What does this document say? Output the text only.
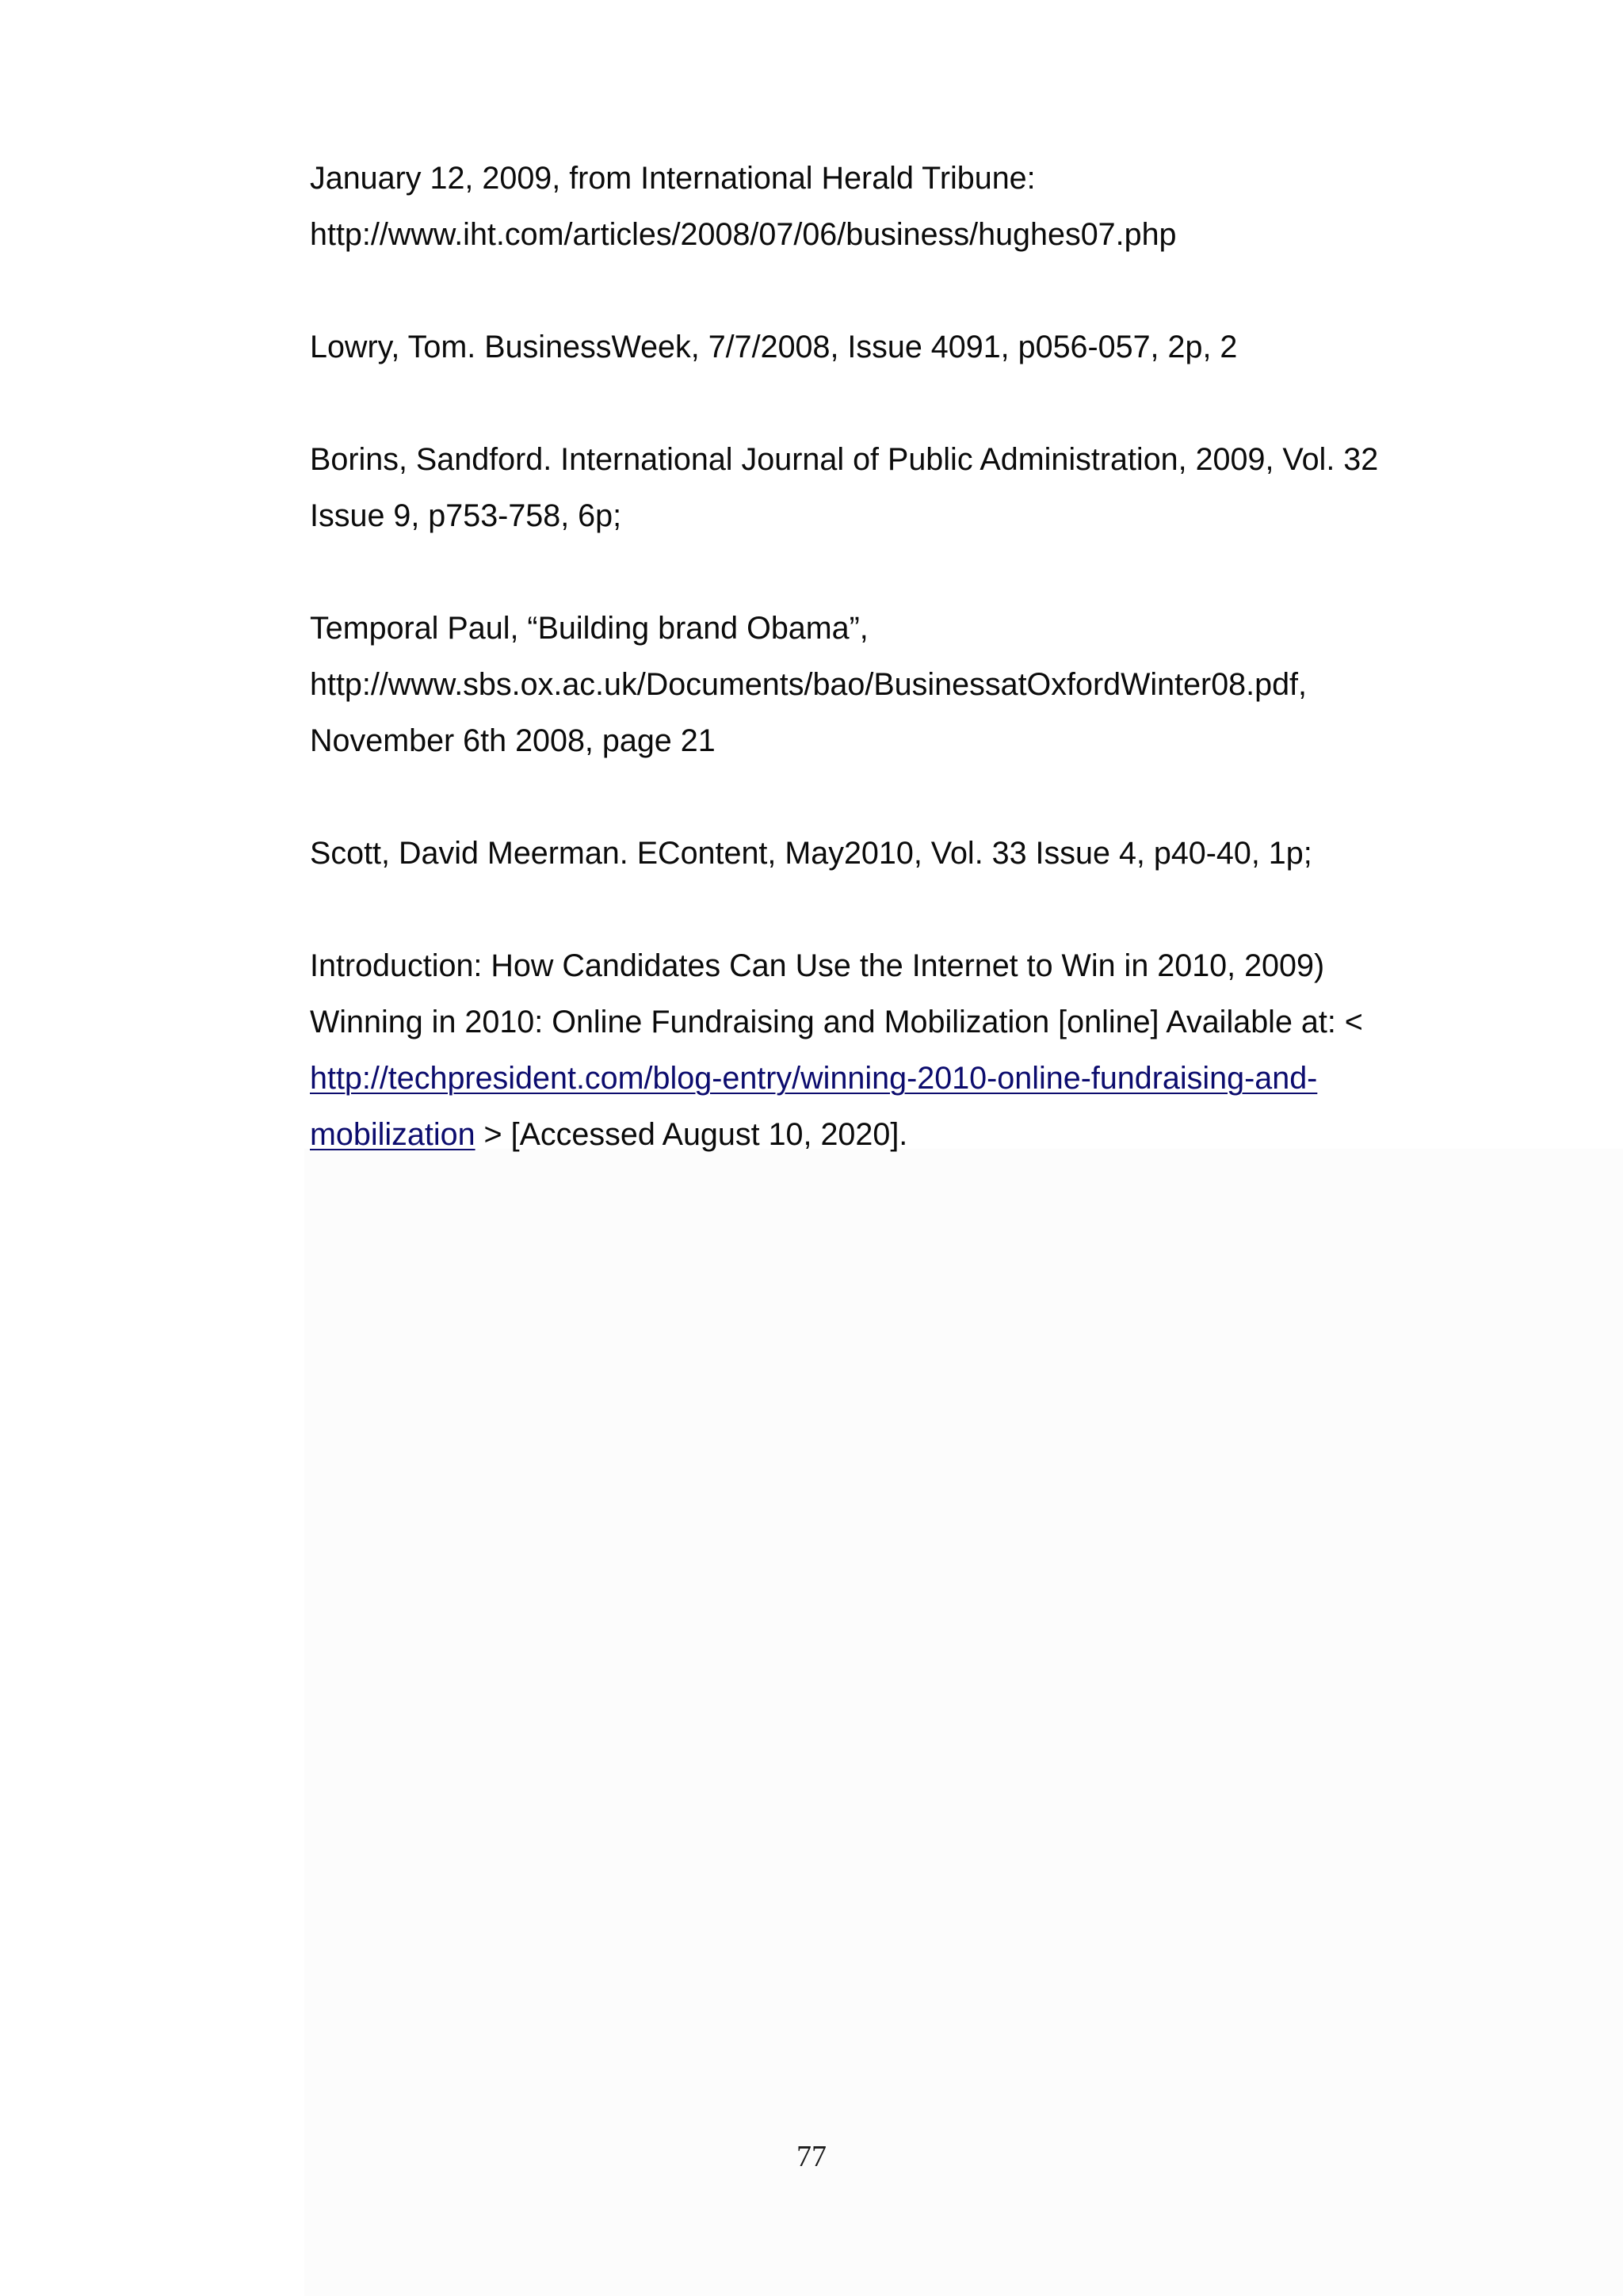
January 12, 2009, from International Herald Tribune:
http://www.iht.com/articles/2008/07/06/business/hughes07.php
Lowry, Tom. BusinessWeek, 7/7/2008, Issue 4091, p056-057, 2p, 2
Borins, Sandford. International Journal of Public Administration, 2009, Vol. 32
Issue 9, p753-758, 6p;
Temporal Paul, “Building brand Obama”,
http://www.sbs.ox.ac.uk/Documents/bao/BusinessatOxfordWinter08.pdf,
November 6th 2008, page 21
Scott, David Meerman. EContent, May2010, Vol. 33 Issue 4, p40-40, 1p;
Introduction: How Candidates Can Use the Internet to Win in 2010, 2009)
Winning in 2010: Online Fundraising and Mobilization [online] Available at: <
http://techpresident.com/blog-entry/winning-2010-online-fundraising-and-
mobilization > [Accessed August 10, 2020].
77
